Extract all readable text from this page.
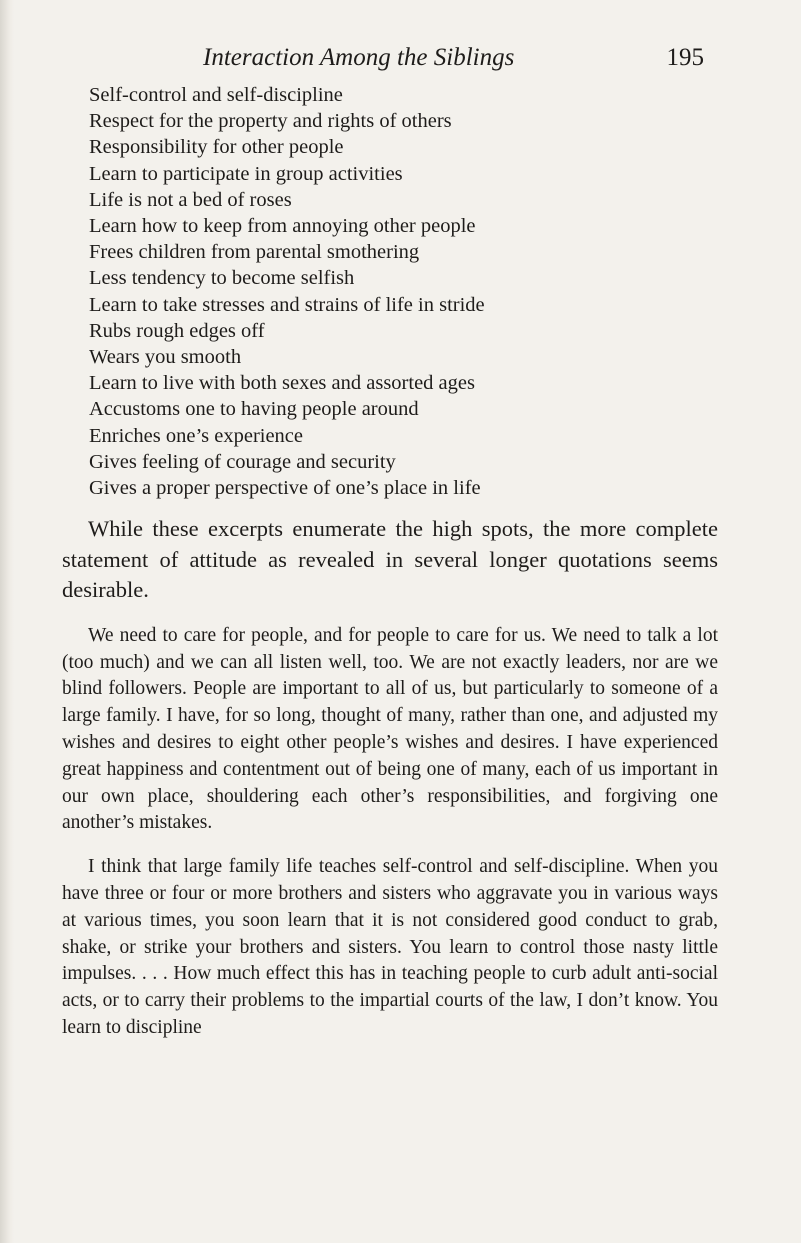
Interaction Among the Siblings	195
Self-control and self-discipline
Respect for the property and rights of others
Responsibility for other people
Learn to participate in group activities
Life is not a bed of roses
Learn how to keep from annoying other people
Frees children from parental smothering
Less tendency to become selfish
Learn to take stresses and strains of life in stride
Rubs rough edges off
Wears you smooth
Learn to live with both sexes and assorted ages
Accustoms one to having people around
Enriches one’s experience
Gives feeling of courage and security
Gives a proper perspective of one’s place in life

While these excerpts enumerate the high spots, the more complete statement of attitude as revealed in several longer quotations seems desirable.

We need to care for people, and for people to care for us. We need to talk a lot (too much) and we can all listen well, too. We are not exactly leaders, nor are we blind followers. People are important to all of us, but particularly to someone of a large family. I have, for so long, thought of many, rather than one, and adjusted my wishes and desires to eight other people’s wishes and desires. I have experienced great happiness and contentment out of being one of many, each of us important in our own place, shouldering each other’s responsibilities, and forgiving one another’s mistakes.

I think that large family life teaches self-control and self-discipline. When you have three or four or more brothers and sisters who aggravate you in various ways at various times, you soon learn that it is not considered good conduct to grab, shake, or strike your brothers and sisters. You learn to control those nasty little impulses. . . . How much effect this has in teaching people to curb adult anti-social acts, or to carry their problems to the impartial courts of the law, I don’t know. You learn to discipline
